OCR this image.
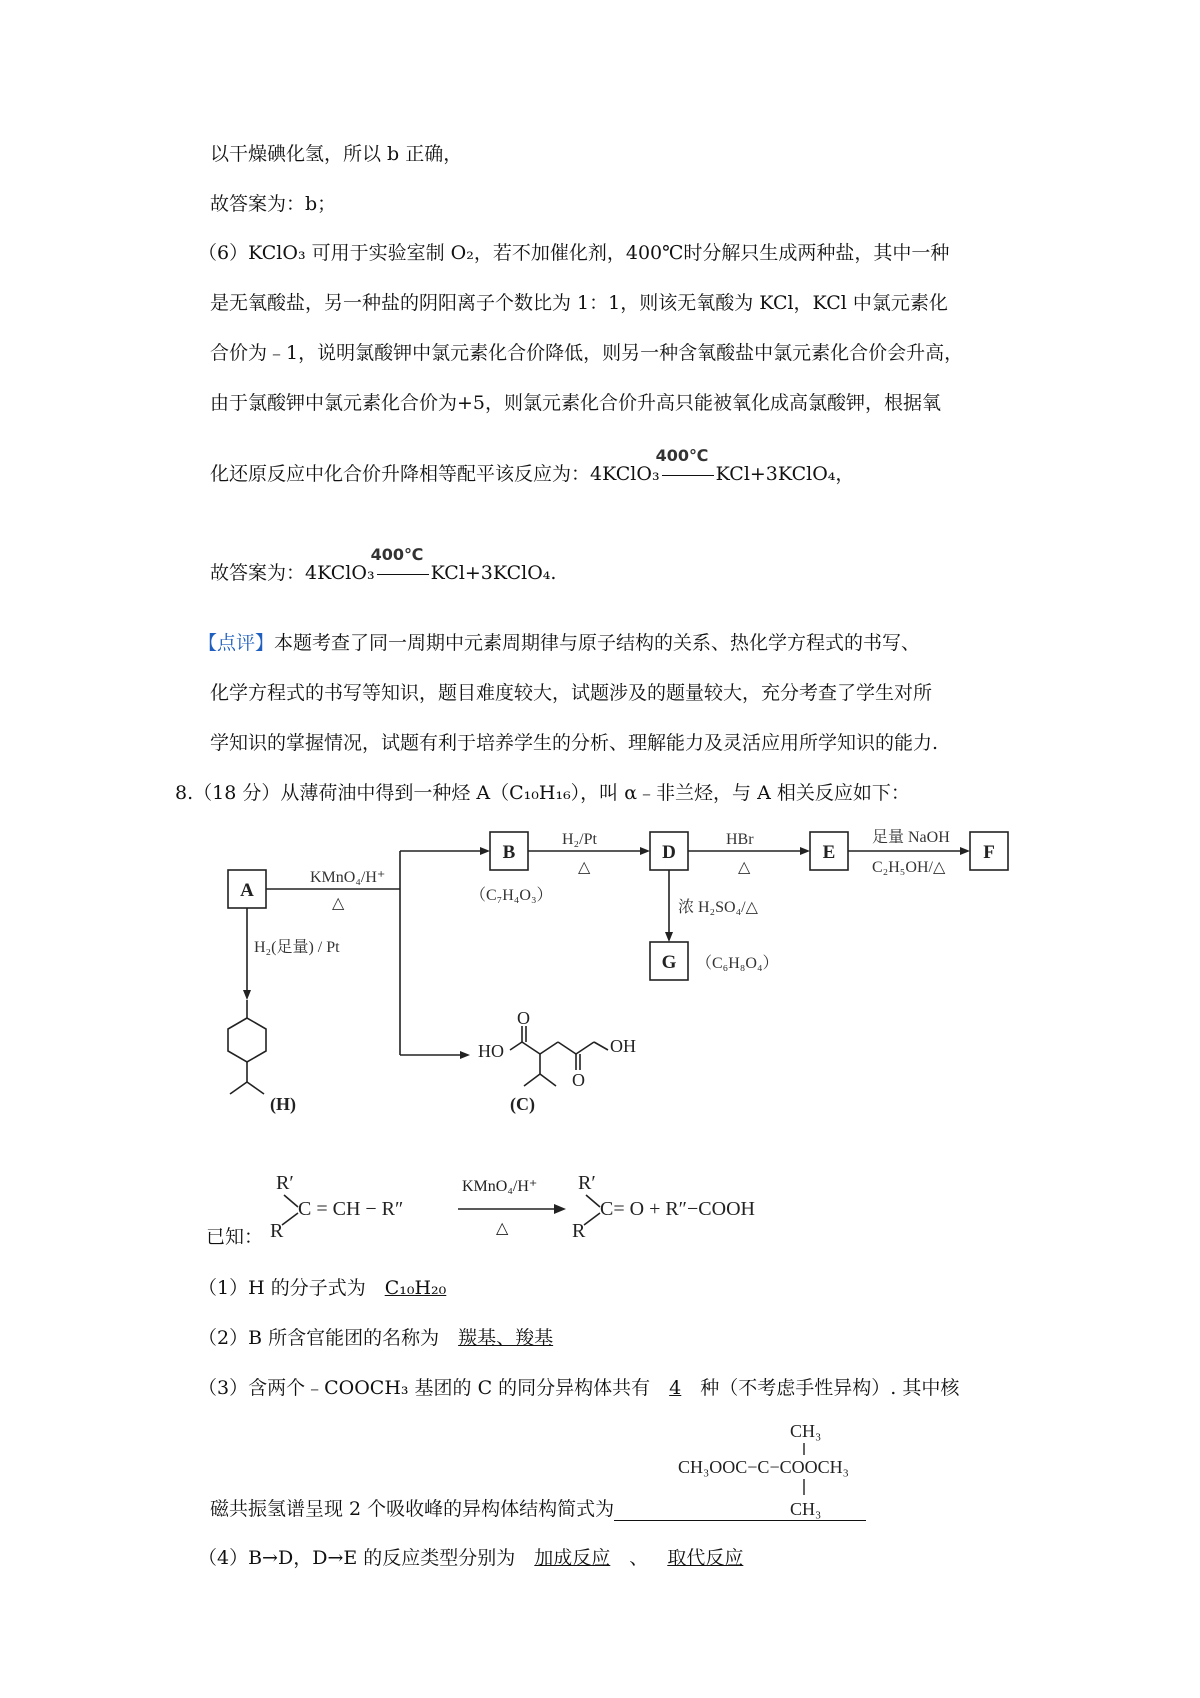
以干燥碘化氢，所以 b 正确，
故答案为：b；
（6）KClO₃ 可用于实验室制 O₂，若不加催化剂，400℃时分解只生成两种盐，其中一种
是无氧酸盐，另一种盐的阴阳离子个数比为 1：1，则该无氧酸为 KCl，KCl 中氯元素化
合价为﹣1，说明氯酸钾中氯元素化合价降低，则另一种含氧酸盐中氯元素化合价会升高，
由于氯酸钾中氯元素化合价为+5，则氯元素化合价升高只能被氧化成高氯酸钾，根据氧
化还原反应中化合价升降相等配平该反应为：4KClO₃
400℃
KCl+3KClO₄，
故答案为：4KClO₃
400℃
KCl+3KClO₄.
【点评】本题考查了同一周期中元素周期律与原子结构的关系、热化学方程式的书写、
化学方程式的书写等知识，题目难度较大，试题涉及的题量较大，充分考查了学生对所
学知识的掌握情况，试题有利于培养学生的分析、理解能力及灵活应用所学知识的能力.
8.（18 分）从薄荷油中得到一种烃 A（C₁₀H₁₆），叫 α﹣非兰烃，与 A 相关反应如下：
A
B	D	E	F
G
KMnO₄/H⁺
△	（C₇H₄O₃）
H₂/Pt
△
HBr
△
足量 NaOH
C₂H₅OH/△
浓 H₂SO₄/△
（C₆H₈O₄）
H₂(足量) / Pt
(H)	(C)
HO	OH
O
O
已知：
R′
R
C = CH − R″
KMnO₄/H⁺
△
R′
R
C= O + R″−COOH
（1）H 的分子式为  C₁₀H₂₀ 
（2）B 所含官能团的名称为  羰基、羧基 
（3）含两个﹣COOCH₃ 基团的 C 的同分异构体共有  4  种（不考虑手性异构）. 其中核
CH₃
CH₃OOC−C−COOCH₃
CH₃
磁共振氢谱呈现 2 个吸收峰的异构体结构简式为
（4）B→D，D→E 的反应类型分别为  加成反应  、  取代反应 
